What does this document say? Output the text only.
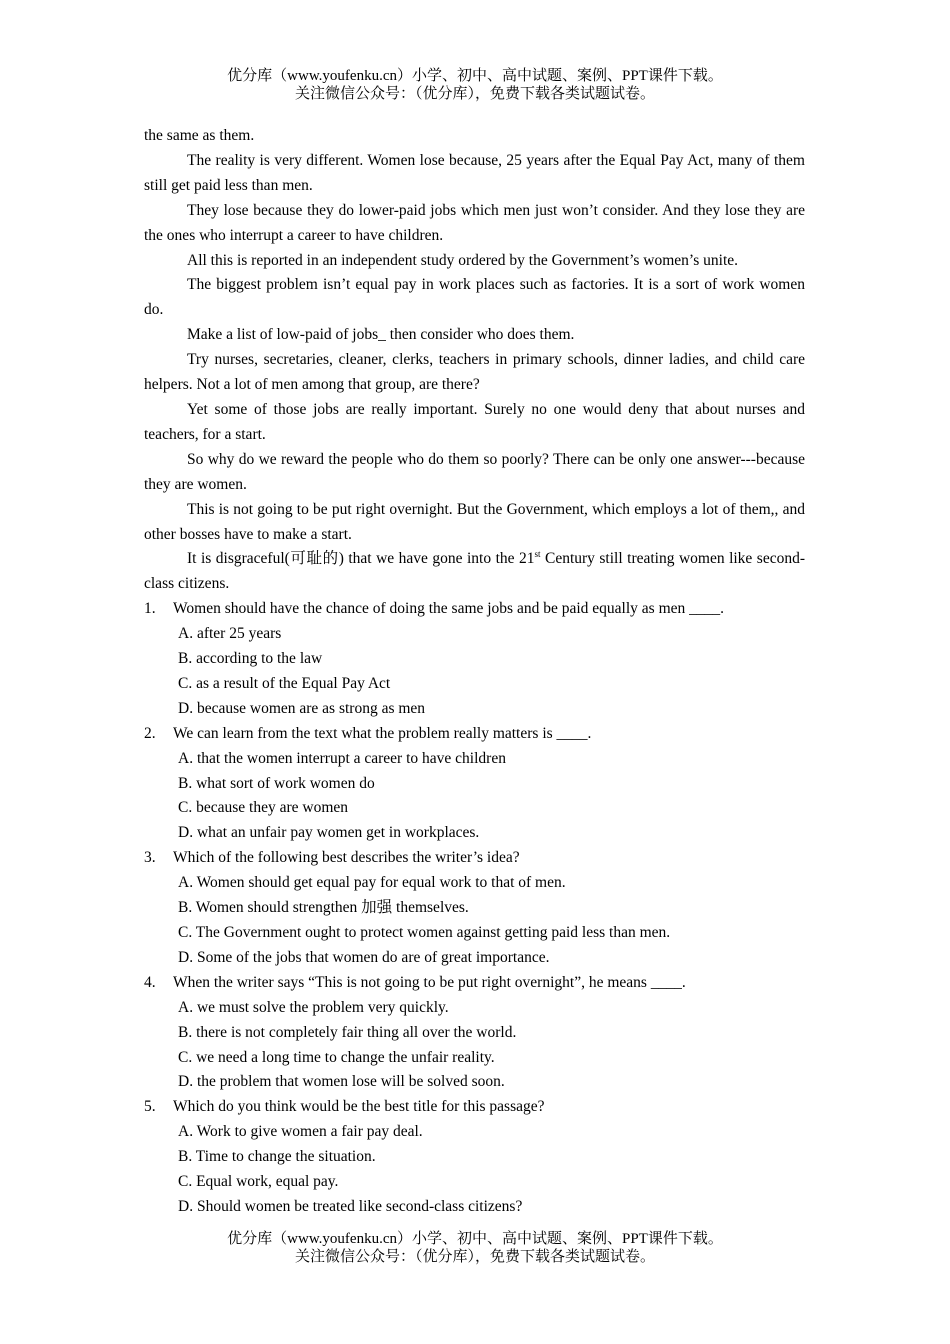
优分库（www.youfenku.cn）小学、初中、高中试题、案例、PPT课件下载。
关注微信公众号：（优分库），免费下载各类试题试卷。

the same as them.

The reality is very different. Women lose because, 25 years after the Equal Pay Act, many of them still get paid less than men.

They lose because they do lower-paid jobs which men just won’t consider. And they lose they are the ones who interrupt a career to have children.

All this is reported in an independent study ordered by the Government’s women’s unite.

The biggest problem isn’t equal pay in work places such as factories. It is a sort of work women do.

Make a list of low-paid of jobs_ then consider who does them.

Try nurses, secretaries, cleaner, clerks, teachers in primary schools, dinner ladies, and child care helpers. Not a lot of men among that group, are there?

Yet some of those jobs are really important. Surely no one would deny that about nurses and teachers, for a start.

So why do we reward the people who do them so poorly? There can be only one answer---because they are women.

This is not going to be put right overnight. But the Government, which employs a lot of them,, and other bosses have to make a start.

It is disgraceful(可耻的) that we have gone into the 21st Century still treating women like second-class citizens.

1. Women should have the chance of doing the same jobs and be paid equally as men ____.
A. after 25 years
B. according to the law
C. as a result of the Equal Pay Act
D. because women are as strong as men
2. We can learn from the text what the problem really matters is ____.
A. that the women interrupt a career to have children
B. what sort of work women do
C. because they are women
D. what an unfair pay women get in workplaces.
3. Which of the following best describes the writer’s idea?
A. Women should get equal pay for equal work to that of men.
B. Women should strengthen 加强 themselves.
C. The Government ought to protect women against getting paid less than men.
D. Some of the jobs that women do are of great importance.
4. When the writer says “This is not going to be put right overnight”, he means ____.
A. we must solve the problem very quickly.
B. there is not completely fair thing all over the world.
C. we need a long time to change the unfair reality.
D. the problem that women lose will be solved soon.
5. Which do you think would be the best title for this passage?
A. Work to give women a fair pay deal.
B. Time to change the situation.
C. Equal work, equal pay.
D. Should women be treated like second-class citizens?
优分库（www.youfenku.cn）小学、初中、高中试题、案例、PPT课件下载。
关注微信公众号：（优分库），免费下载各类试题试卷。
